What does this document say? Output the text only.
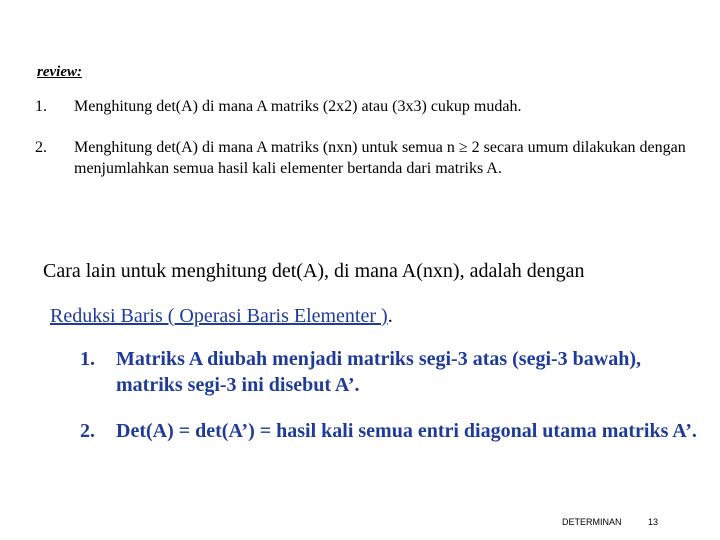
review:
1.	Menghitung det(A) di mana A matriks (2x2) atau (3x3) cukup mudah.
2.	Menghitung det(A) di mana A matriks (nxn) untuk semua n ≥ 2 secara umum dilakukan dengan menjumlahkan semua hasil kali elementer bertanda dari matriks A.
Cara lain untuk menghitung det(A), di mana A(nxn), adalah dengan
Reduksi Baris ( Operasi Baris Elementer ).
1. Matriks A diubah menjadi matriks segi-3 atas (segi-3 bawah), matriks segi-3 ini disebut A’.
2. Det(A) = det(A’) = hasil kali semua entri diagonal utama matriks A’.
DETERMINAN	13
